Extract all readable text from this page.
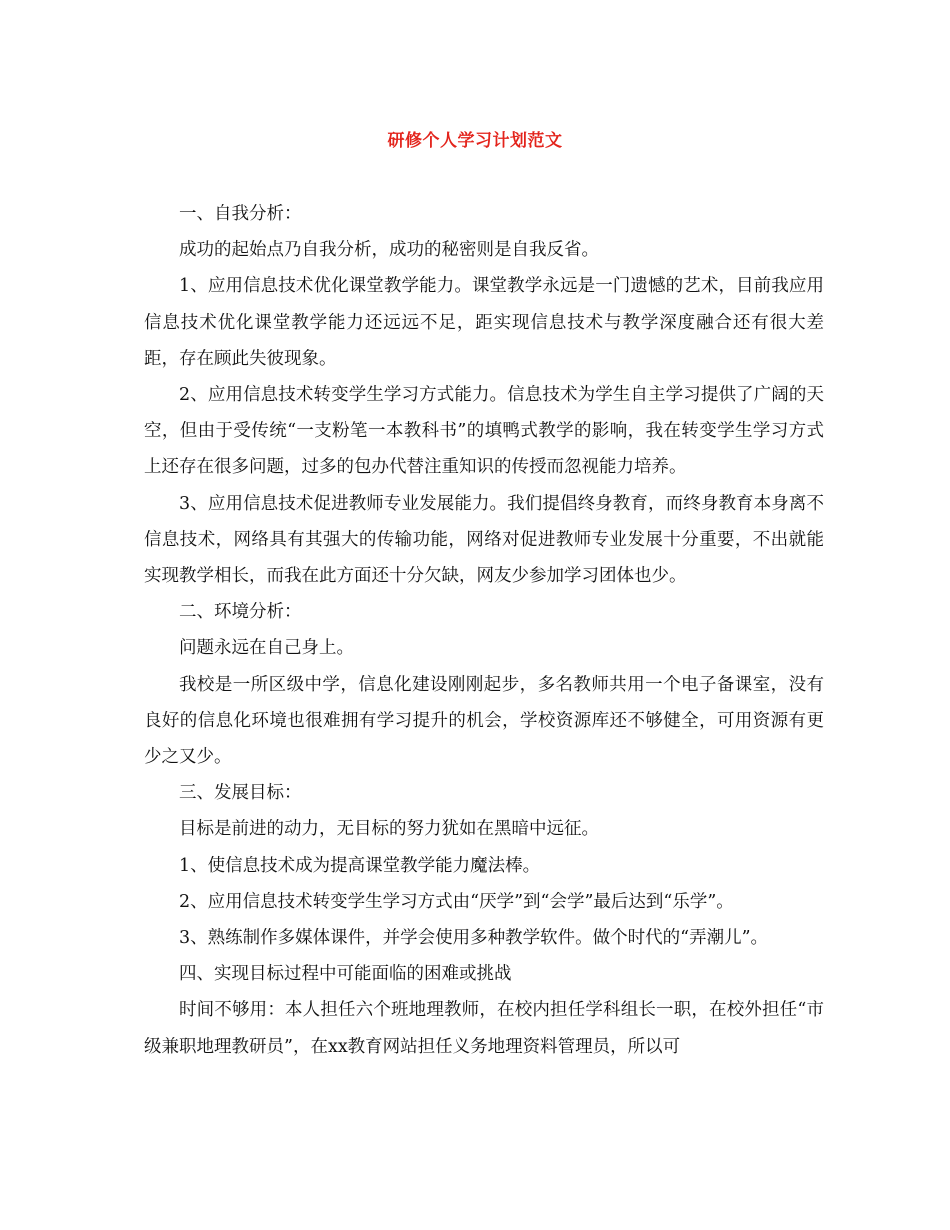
研修个人学习计划范文

一、自我分析：

成功的起始点乃自我分析，成功的秘密则是自我反省。

1、应用信息技术优化课堂教学能力。课堂教学永远是一门遗憾的艺术，目前我应用信息技术优化课堂教学能力还远远不足，距实现信息技术与教学深度融合还有很大差距，存在顾此失彼现象。

2、应用信息技术转变学生学习方式能力。信息技术为学生自主学习提供了广阔的天空，但由于受传统“一支粉笔一本教科书”的填鸭式教学的影响，我在转变学生学习方式上还存在很多问题，过多的包办代替注重知识的传授而忽视能力培养。

3、应用信息技术促进教师专业发展能力。我们提倡终身教育，而终身教育本身离不信息技术，网络具有其强大的传输功能，网络对促进教师专业发展十分重要，不出就能实现教学相长，而我在此方面还十分欠缺，网友少参加学习团体也少。

二、环境分析：

问题永远在自己身上。

我校是一所区级中学，信息化建设刚刚起步，多名教师共用一个电子备课室，没有良好的信息化环境也很难拥有学习提升的机会，学校资源库还不够健全，可用资源有更少之又少。

三、发展目标：

目标是前进的动力，无目标的努力犹如在黑暗中远征。

1、使信息技术成为提高课堂教学能力魔法棒。

2、应用信息技术转变学生学习方式由“厌学”到“会学”最后达到“乐学”。

3、熟练制作多媒体课件，并学会使用多种教学软件。做个时代的“弄潮儿”。

四、实现目标过程中可能面临的困难或挑战

时间不够用：本人担任六个班地理教师，在校内担任学科组长一职，在校外担任“市级兼职地理教研员”，在xx教育网站担任义务地理资料管理员，所以可
